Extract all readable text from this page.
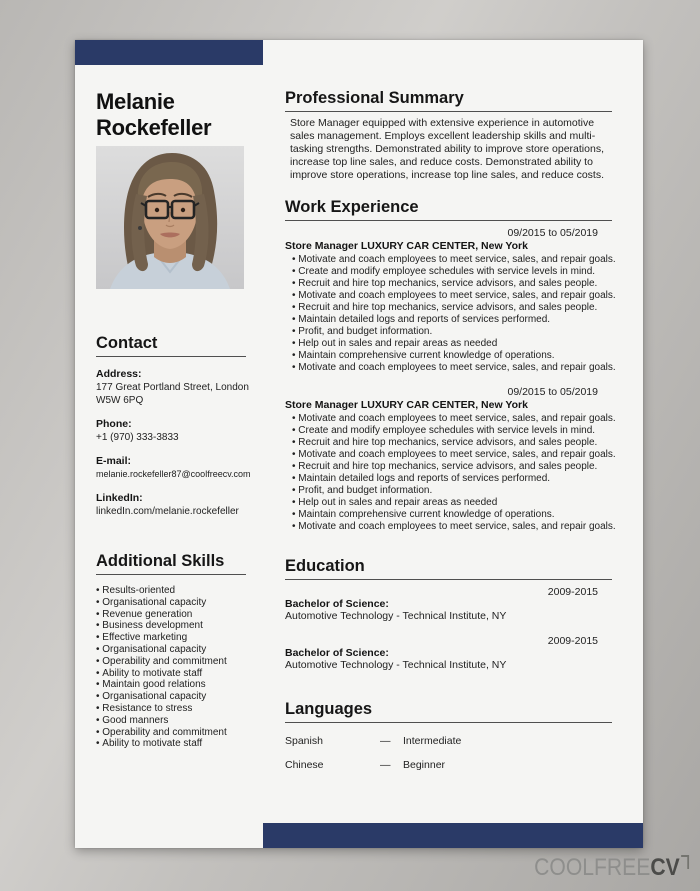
Melanie Rockefeller
Contact
Address:
177 Great Portland Street, London
W5W 6PQ
Phone:
+1 (970) 333-3833
E-mail:
melanie.rockefeller87@coolfreecv.com
LinkedIn:
linkedIn.com/melanie.rockefeller
Additional Skills
• Results-oriented
• Organisational capacity
• Revenue generation
• Business development
• Effective marketing
• Organisational capacity
• Operability and commitment
• Ability to motivate staff
• Maintain good relations
• Organisational capacity
• Resistance to stress
• Good manners
• Operability and commitment
• Ability to motivate staff
Professional Summary

Store Manager equipped with extensive experience in automotive sales management. Employs excellent leadership skills and multi-tasking strengths. Demonstrated ability to improve store operations, increase top line sales, and reduce costs. Demonstrated ability to improve store operations, increase top line sales, and reduce costs.

Work Experience
09/2015 to 05/2019
Store Manager LUXURY CAR CENTER, New York
• Motivate and coach employees to meet service, sales, and repair goals.
• Create and modify employee schedules with service levels in mind.
• Recruit and hire top mechanics, service advisors, and sales people.
• Motivate and coach employees to meet service, sales, and repair goals.
• Recruit and hire top mechanics, service advisors, and sales people.
• Maintain detailed logs and reports of services performed.
• Profit, and budget information.
• Help out in sales and repair areas as needed
• Maintain comprehensive current knowledge of operations.
• Motivate and coach employees to meet service, sales, and repair goals.
09/2015 to 05/2019
Store Manager LUXURY CAR CENTER, New York
• Motivate and coach employees to meet service, sales, and repair goals.
• Create and modify employee schedules with service levels in mind.
• Recruit and hire top mechanics, service advisors, and sales people.
• Motivate and coach employees to meet service, sales, and repair goals.
• Recruit and hire top mechanics, service advisors, and sales people.
• Maintain detailed logs and reports of services performed.
• Profit, and budget information.
• Help out in sales and repair areas as needed
• Maintain comprehensive current knowledge of operations.
• Motivate and coach employees to meet service, sales, and repair goals.
Education
2009-2015
Bachelor of Science:
Automotive Technology - Technical Institute, NY
2009-2015
Bachelor of Science:
Automotive Technology - Technical Institute, NY
Languages
Spanish	—	Intermediate
Chinese	—	Beginner
COOLFREECV
